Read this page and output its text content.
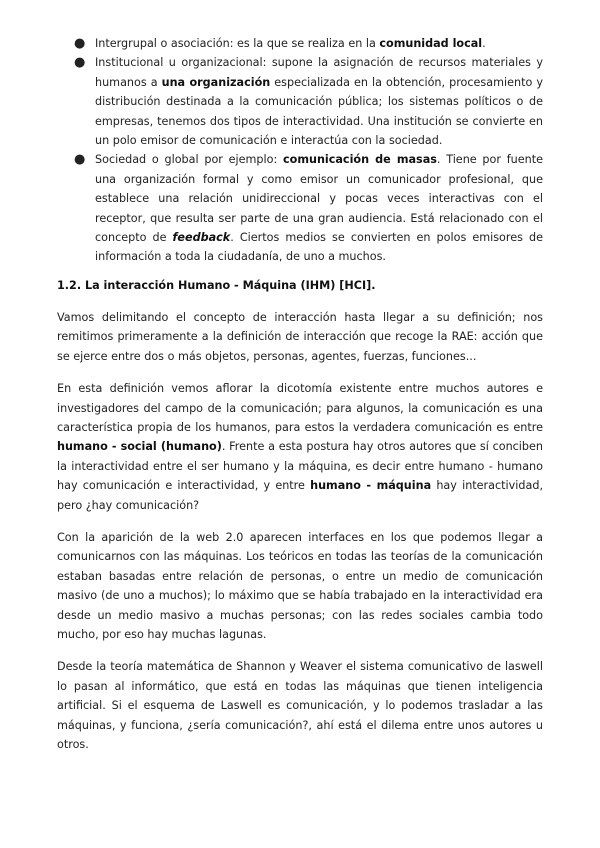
● Intergrupal o asociación: es la que se realiza en la comunidad local.
● Institucional u organizacional: supone la asignación de recursos materiales y humanos a una organización especializada en la obtención, procesamiento y distribución destinada a la comunicación pública; los sistemas políticos o de empresas, tenemos dos tipos de interactividad. Una institución se convierte en un polo emisor de comunicación e interactúa con la sociedad.
● Sociedad o global por ejemplo: comunicación de masas. Tiene por fuente una organización formal y como emisor un comunicador profesional, que establece una relación unidireccional y pocas veces interactivas con el receptor, que resulta ser parte de una gran audiencia. Está relacionado con el concepto de feedback. Ciertos medios se convierten en polos emisores de información a toda la ciudadanía, de uno a muchos.
1.2. La interacción Humano - Máquina (IHM) [HCI].

Vamos delimitando el concepto de interacción hasta llegar a su definición; nos remitimos primeramente a la definición de interacción que recoge la RAE: acción que se ejerce entre dos o más objetos, personas, agentes, fuerzas, funciones...

En esta definición vemos aflorar la dicotomía existente entre muchos autores e investigadores del campo de la comunicación; para algunos, la comunicación es una característica propia de los humanos, para estos la verdadera comunicación es entre humano - social (humano). Frente a esta postura hay otros autores que sí conciben la interactividad entre el ser humano y la máquina, es decir entre humano - humano hay comunicación e interactividad, y entre humano - máquina hay interactividad, pero ¿hay comunicación?

Con la aparición de la web 2.0 aparecen interfaces en los que podemos llegar a comunicarnos con las máquinas. Los teóricos en todas las teorías de la comunicación estaban basadas entre relación de personas, o entre un medio de comunicación masivo (de uno a muchos); lo máximo que se había trabajado en la interactividad era desde un medio masivo a muchas personas; con las redes sociales cambia todo mucho, por eso hay muchas lagunas.

Desde la teoría matemática de Shannon y Weaver el sistema comunicativo de laswell lo pasan al informático, que está en todas las máquinas que tienen inteligencia artificial. Si el esquema de Laswell es comunicación, y lo podemos trasladar a las máquinas, y funciona, ¿sería comunicación?, ahí está el dilema entre unos autores u otros.
